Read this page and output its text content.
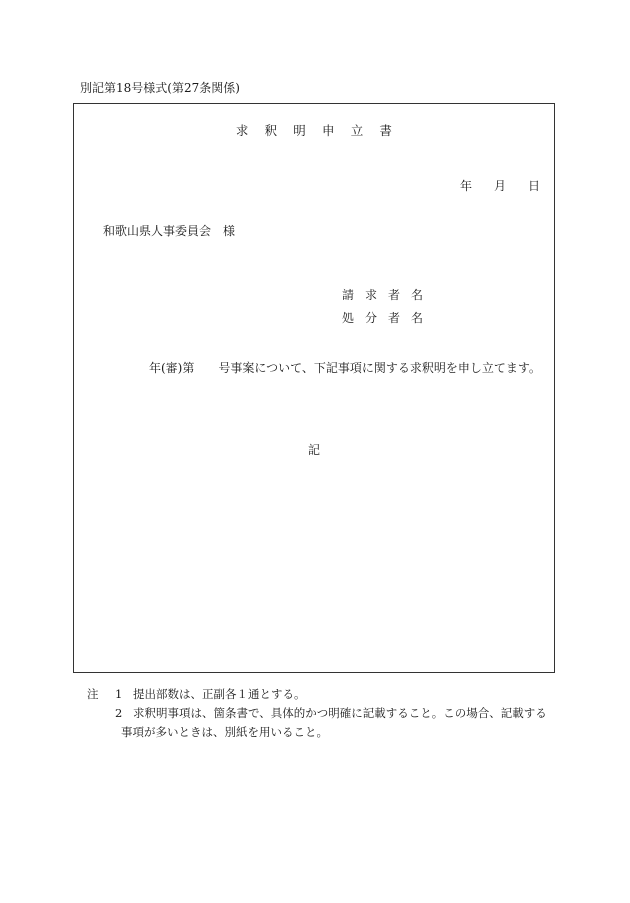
別記第18号様式(第27条関係)
求 釈 明 申 立 書
年 月 日
和歌山県人事委員会　様
請 求 者 名
処 分 者 名
年(審)第　　号事案について、下記事項に関する求釈明を申し立てます。
記
注 1 提出部数は、正副各１通とする。
2 求釈明事項は、箇条書で、具体的かつ明確に記載すること。この場合、記載する
事項が多いときは、別紙を用いること。
